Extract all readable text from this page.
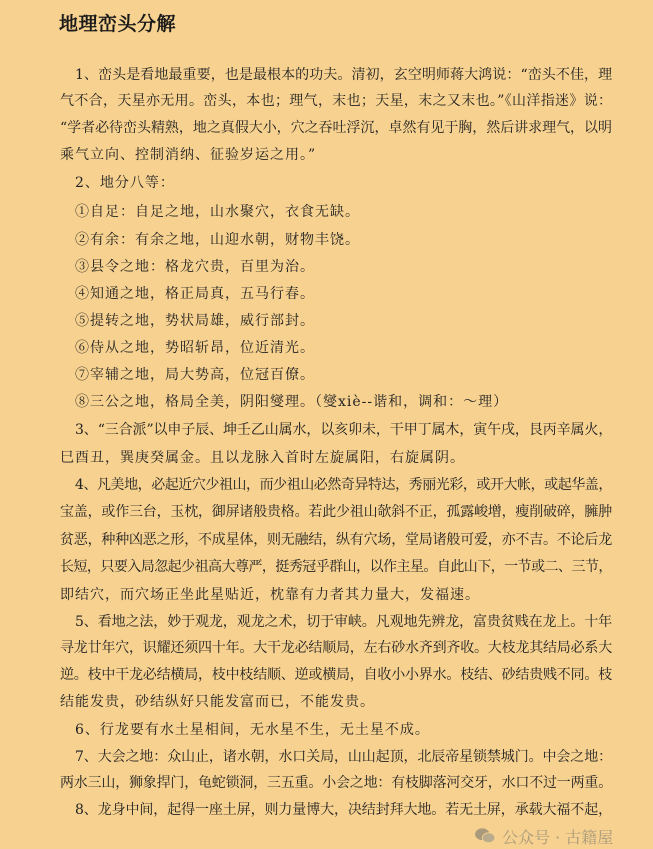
地理峦头分解
1、峦头是看地最重要，也是最根本的功夫。清初，玄空明师蒋大鸿说：“峦头不佳，理
气不合，天星亦无用。峦头，本也；理气，末也；天星，末之又末也。”《山洋指迷》说：
“学者必待峦头精熟，地之真假大小，穴之吞吐浮沉，卓然有见于胸，然后讲求理气，以明
乘气立向、控制消纳、征验岁运之用。”
2、地分八等：
①自足：自足之地，山水聚穴，衣食无缺。
②有余：有余之地，山迎水朝，财物丰饶。
③县令之地：格龙穴贵，百里为治。
④知通之地，格正局真，五马行春。
⑤提转之地，势状局雄，威行部封。
⑥侍从之地，势昭斩昂，位近清光。
⑦宰辅之地，局大势高，位冠百僚。
⑧三公之地，格局全美，阴阳燮理。（燮xiè--谐和，调和：～理）
3、“三合派”以申子辰、坤壬乙山属水，以亥卯未，干甲丁属木，寅午戌，艮丙辛属火，
巳酉丑，巽庚癸属金。且以龙脉入首时左旋属阳，右旋属阴。
4、凡美地，必起近穴少祖山，而少祖山必然奇异特达，秀丽光彩，或开大帐，或起华盖，
宝盖，或作三台，玉枕，御屏诸般贵格。若此少祖山欹斜不正，孤露峻增，瘦削破碎，臃肿
贫恶，种种凶恶之形，不成星体，则无融结，纵有穴场，堂局诸般可爱，亦不吉。不论后龙
长短，只要入局忽起少祖高大尊严，挺秀冠乎群山，以作主星。自此山下，一节或二、三节，
即结穴，而穴场正坐此星贴近，枕靠有力者其力量大，发福速。
5、看地之法，妙于观龙，观龙之术，切于审峡。凡观地先辨龙，富贵贫贱在龙上。十年
寻龙廿年穴，识耀还须四十年。大干龙必结顺局，左右砂水齐到齐收。大枝龙其结局必系大
逆。枝中干龙必结横局，枝中枝结顺、逆或横局，自收小小界水。枝结、砂结贵贱不同。枝
结能发贵，砂结纵好只能发富而已，不能发贵。
6、行龙要有水土星相间，无水星不生，无土星不成。
7、大会之地：众山止，诸水朝，水口关局，山山起顶，北辰帝星锁禁城门。中会之地：
两水三山，狮象捍门，龟蛇锁洞，三五重。小会之地：有枝脚落河交牙，水口不过一两重。
8、龙身中间，起得一座土屏，则力量博大，决结封拜大地。若无土屏，承载大福不起，
公众号 · 古籍屋
